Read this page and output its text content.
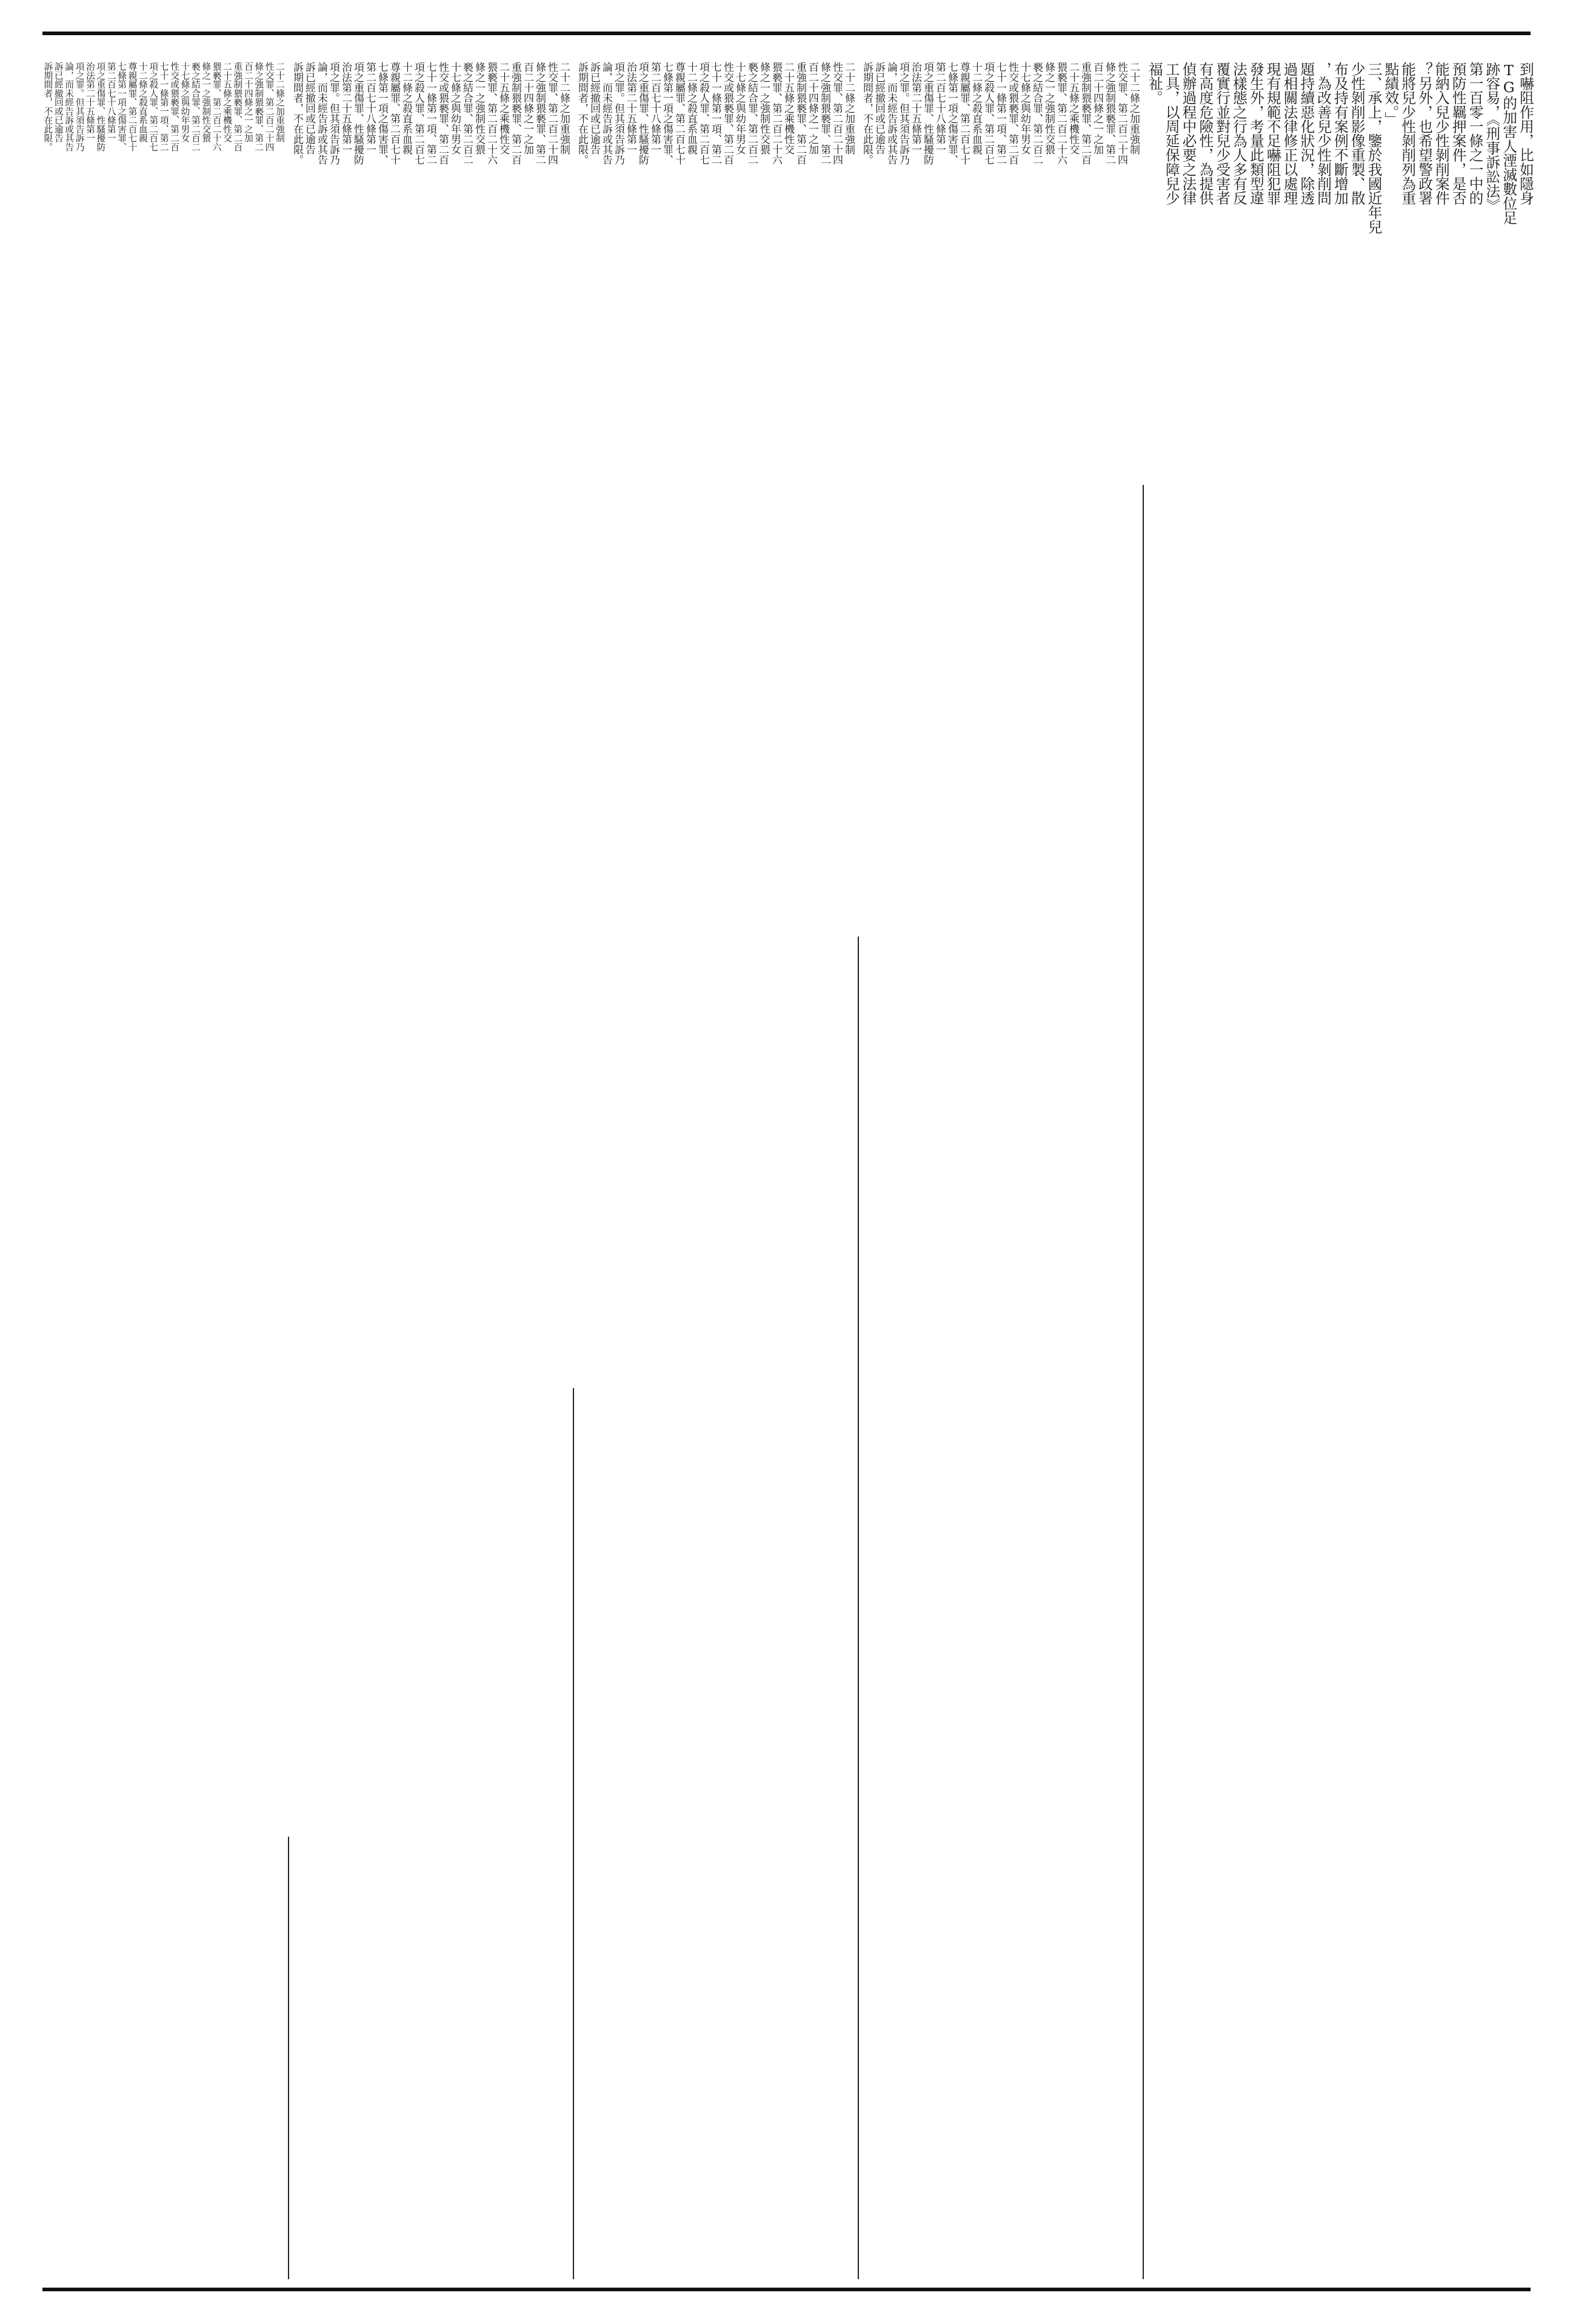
到嚇阻作用，比如隱身
TG的加害人湮滅數位足
跡容易，《刑事訴訟法》
第一百零一條之一中的
預防性羈押案件，是否
能納入兒少性剝削案件
？另外，也希望警政署
能將兒少性剝削列為重
點績效。」
三、承上，鑒於我國近年兒
少性剝削影像重製、散
布及持有案例不斷增加
，為改善兒少性剝削問
題持續惡化狀況，除透
過相關法律修正以處理
現有規範不足嚇阻犯罪
發生外，考量此類型違
法樣態之行為人多有反
覆實行並對兒少受害者
有高度危險性，為提供
偵辦過程中必要之法律
工具，以周延保障兒少
福祉。
二十二條之加重強制
性交罪、第二百二十四
條之強制猥褻罪、第二
百二十四條之一之加
重強制猥褻罪、第二百
二十五條之乘機性交
猥褻罪、第二百二十六
條之一之強制性交猥
褻之結合罪、第二百二
十七條之與幼年男女
性交或猥褻罪、第二百
七十一條第一項、第二
項之殺人罪、第二百七
十二條之殺直系血親
尊親屬罪、第二百七十
七條第一項之傷害罪、
第二百七十八條第一
項之重傷罪、性騷擾防
治法第二十五條第一
項之罪。但其須告訴乃
論，而未經告訴或其告
訴已經撤回或已逾告
訴期間者，不在此限。
二十二條之加重強制
性交罪、第二百二十四
條之強制猥褻罪、第二
百二十四條之一之加
重強制猥褻罪、第二百
二十五條之乘機性交
猥褻罪、第二百二十六
條之一之強制性交猥
褻之結合罪、第二百二
十七條之與幼年男女
性交或猥褻罪、第二百
七十一條第一項、第二
項之殺人罪、第二百七
十二條之殺直系血親
尊親屬罪、第二百七十
七條第一項之傷害罪、
第二百七十八條第一
項之重傷罪、性騷擾防
治法第二十五條第一
項之罪。但其須告訴乃
論，而未經告訴或其告
訴已經撤回或已逾告
訴期間者，不在此限。
二十二條之加重強制
性交罪、第二百二十四
條之強制猥褻罪、第二
百二十四條之一之加
重強制猥褻罪、第二百
二十五條之乘機性交
猥褻罪、第二百二十六
條之一之強制性交猥
褻之結合罪、第二百二
十七條之與幼年男女
性交或猥褻罪、第二百
七十一條第一項、第二
項之殺人罪、第二百七
十二條之殺直系血親
尊親屬罪、第二百七十
七條第一項之傷害罪、
第二百七十八條第一
項之重傷罪、性騷擾防
治法第二十五條第一
項之罪。但其須告訴乃
論，而未經告訴或其告
訴已經撤回或已逾告
訴期間者，不在此限。
二十二條之加重強制
性交罪、第二百二十四
條之強制猥褻罪、第二
百二十四條之一之加
重強制猥褻罪、第二百
二十五條之乘機性交
猥褻罪、第二百二十六
條之一之強制性交猥
褻之結合罪、第二百二
十七條之與幼年男女
性交或猥褻罪、第二百
七十一條第一項、第二
項之殺人罪、第二百七
十二條之殺直系血親
尊親屬罪、第二百七十
七條第一項之傷害罪、
第二百七十八條第一
項之重傷罪、性騷擾防
治法第二十五條第一
項之罪。但其須告訴乃
論，而未經告訴或其告
訴已經撤回或已逾告
訴期間者，不在此限。
